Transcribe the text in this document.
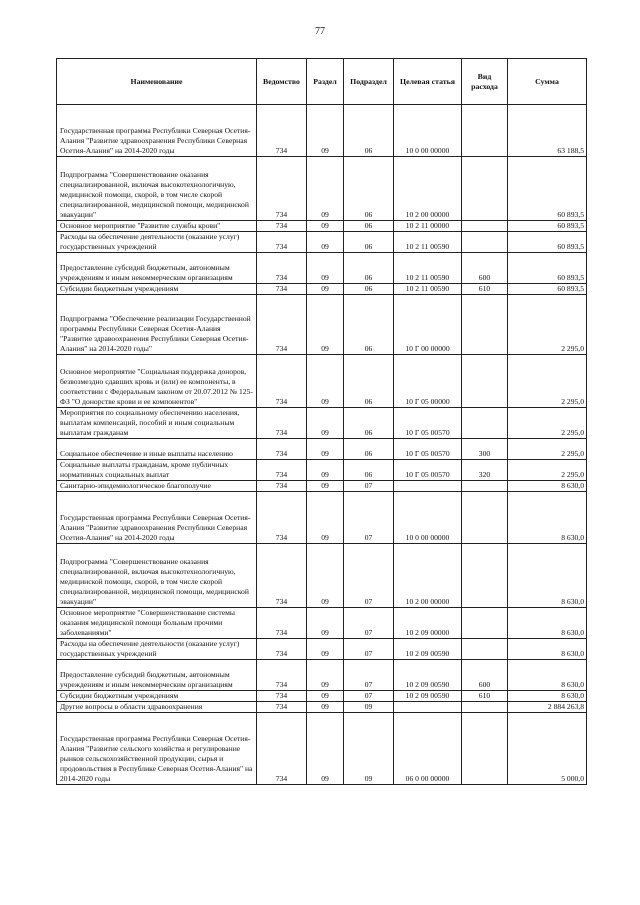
77
Наименование	Ведомство	Раздел	Подраздел	Целевая статья	Вид расхода	Сумма
Государственная программа Республики Северная Осетия-Алания "Развитие здравоохранения Республики Северная Осетия-Алания" на 2014-2020 годы	734	09	06	10 0 00 00000		63 188,5
Подпрограмма "Совершенствование оказания специализированной, включая высокотехнологичную, медицинской помощи, скорой, в том числе скорой специализированной, медицинской помощи, медицинской эвакуации"	734	09	06	10 2 00 00000		60 893,5
Основное мероприятие "Развитие службы крови"	734	09	06	10 2 11 00000		60 893,5
Расходы на обеспечение деятельности (оказание услуг) государственных учреждений	734	09	06	10 2 11 00590		60 893,5
Предоставление субсидий бюджетным, автономным учреждениям и иным некоммерческим организациям	734	09	06	10 2 11 00590	600	60 893,5
Субсидии бюджетным учреждениям	734	09	06	10 2 11 00590	610	60 893,5
Подпрограмма "Обеспечение реализации Государственной программы Республики Северная Осетия-Алания "Развитие здравоохранения Республики Северная Осетия-Алания" на 2014-2020 годы"	734	09	06	10 Г 00 00000		2 295,0
Основное мероприятие "Социальная поддержка доноров, безвозмездно сдавших кровь и (или) ее компоненты, в соответствии с Федеральным законом от 20.07.2012 № 125-ФЗ "О донорстве крови и ее компонентов"	734	09	06	10 Г 05 00000		2 295,0
Мероприятия по социальному обеспечению населения, выплатам компенсаций, пособий и иным социальным выплатам гражданам	734	09	06	10 Г 05 00570		2 295,0
Социальное обеспечение и иные выплаты населению	734	09	06	10 Г 05 00570	300	2 295,0
Социальные выплаты гражданам, кроме публичных нормативных социальных выплат	734	09	06	10 Г 05 00570	320	2 295,0
Санитарно-эпидемиологическое благополучие	734	09	07			8 630,0
Государственная программа Республики Северная Осетия-Алания "Развитие здравоохранения Республики Северная Осетия-Алания" на 2014-2020 годы	734	09	07	10 0 00 00000		8 630,0
Подпрограмма "Совершенствование оказания специализированной, включая высокотехнологичную, медицинской помощи, скорой, в том числе скорой специализированной, медицинской помощи, медицинской эвакуации"	734	09	07	10 2 00 00000		8 630,0
Основное мероприятие "Совершенствование системы оказания медицинской помощи больным прочими заболеваниями"	734	09	07	10 2 09 00000		8 630,0
Расходы на обеспечение деятельности (оказание услуг) государственных учреждений	734	09	07	10 2 09 00590		8 630,0
Предоставление субсидий бюджетным, автономным учреждениям и иным некоммерческим организациям	734	09	07	10 2 09 00590	600	8 630,0
Субсидии бюджетным учреждениям	734	09	07	10 2 09 00590	610	8 630,0
Другие вопросы в области здравоохранения	734	09	09			2 884 263,8
Государственная программа Республики Северная Осетия-Алания "Развитие сельского хозяйства и регулирование рынков сельскохозяйственной продукции, сырья и продовольствия в Республике Северная Осетия-Алания" на 2014-2020 годы	734	09	09	06 0 00 00000		5 000,0
